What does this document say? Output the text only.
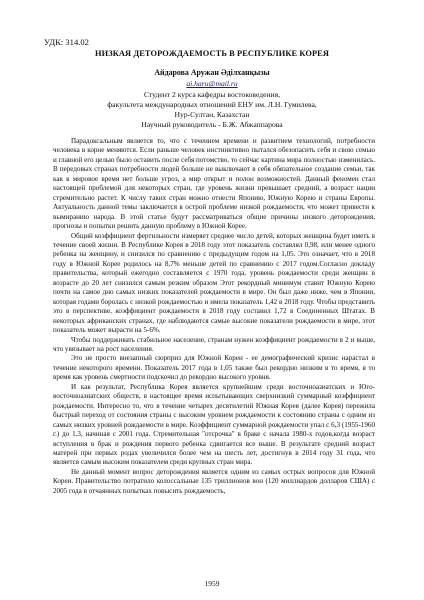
УДК: 314.02
НИЗКАЯ ДЕТОРОЖДАЕМОСТЬ В РЕСПУБЛИКЕ КОРЕЯ
Айдарова Аружан Әділханқызы
ai.haru@mail.ru
Студент 2 курса кафедры востоковедения,
факультета международных отношений ЕНУ им. Л.Н. Гумилева,
Нур-Султан, Казахстан
Научный руководитель - Б.Ж. Абжаппарова

Парадоксальным является то, что с течением времени и развитием технологий, потребности человека в корне меняются. Если раньше человек инстинктивно пытался обезопасить себя и свою семью и главной его целью было оставить после себя потомство, то сейчас картина мира полностью изменилась. В передовых странах потребности людей больше не выключают в себя обязательное создание семьи, так как в мировое время нет больше угроз, а мир открыт и полон возможностей. Данный феномен стал настоящей проблемой для некоторых стран, где уровень жизни превышает средний, а возраст нации стремительно растет. К числу таких стран можно отнести Японию, Южную Корею и страны Европы. Актуальность данной темы заключается в острой проблеме низкой рождаемости, что может привести к вымиранию народа. В этой статье будут рассматриваться общие причины низкого деторождения, прогнозы и попытки решить данную проблему в Южной Корее.

Общий коэффициент фертильности измеряет среднее число детей, которых женщина будет иметь в течение своей жизни. В Республике Корея в 2018 году этот показатель составлял 0,98, или менее одного ребенка на женщину, и снизился по сравнению с предыдущим годом на 1,05. Это означает, что в 2018 году в Южной Корее родилось на 8,7% меньше детей по сравнению с 2017 годом.Согласно докладу правительства, который ежегодно составляется с 1970 года, уровень рождаемости среди женщин в возрасте до 20 лет снизился самым резким образом Этот рекордный минимум ставит Южную Корею почти на самое дно самых низких показателей рождаемости в мире. Он был даже ниже, чем в Японии, которая годами боролась с низкой рождаемостью и имела показатель 1,42 в 2018 году. Чтобы представить это в перспективе, коэффициент рождаемости в 2018 году составил 1,72 в Соединенных Штатах. В некоторых африканских странах, где наблюдаются самые высокие показатели рождаемости в мире, этот показатель может вырасти на 5-6%.

Чтобы поддерживать стабильное население, странам нужен коэффициент рождаемости в 2 и выше, что увязывает на рост населения.

Это не просто внезапный сюрприз для Южной Кореи - ее демографический кризис нарастал в течение некоторого времени. Показатель 2017 года в 1,05 также был рекордно низким в то время, в то время как уровень смертности подскочил до рекордно высокого уровня.

И как результат, Республика Корея является крупнейшим среди восточноазиатских и Юго-восточноазиатских обществ, в настоящее время испытывающих сверхнизкий суммарный коэффициент рождаемости. Интересно то, что в течение четырех десятилетий Южная Корея (далее Корея) пережила быстрый переход от состояния страны с высоким уровнем рождаемости к состоянию страны с одним из самых низких уровней рождаемости в мире. Коэффициент суммарной рождаемости упал с 6,3 (1955-1960 г.) до 1.3, начиная с 2001 года. Стремительная "отсрочка" в браке с начала 1980-х годов,когда возраст вступления в брак и рождения первого ребенка сдвигается все выше. В результате средний возраст матерей при первых родах увеличился более чем на шесть лет, достигнув в 2014 году 31 года, что является самым высоким показателем среди крупных стран мира.

Не данный момент вопрос деторождения является одним из самых острых вопросов для Южной Кореи. Правительство потратило колоссальные 135 триллионов вон (120 миллиардов долларов США) с 2005 года в отчаянных попытках повысить рождаемость,

1959
